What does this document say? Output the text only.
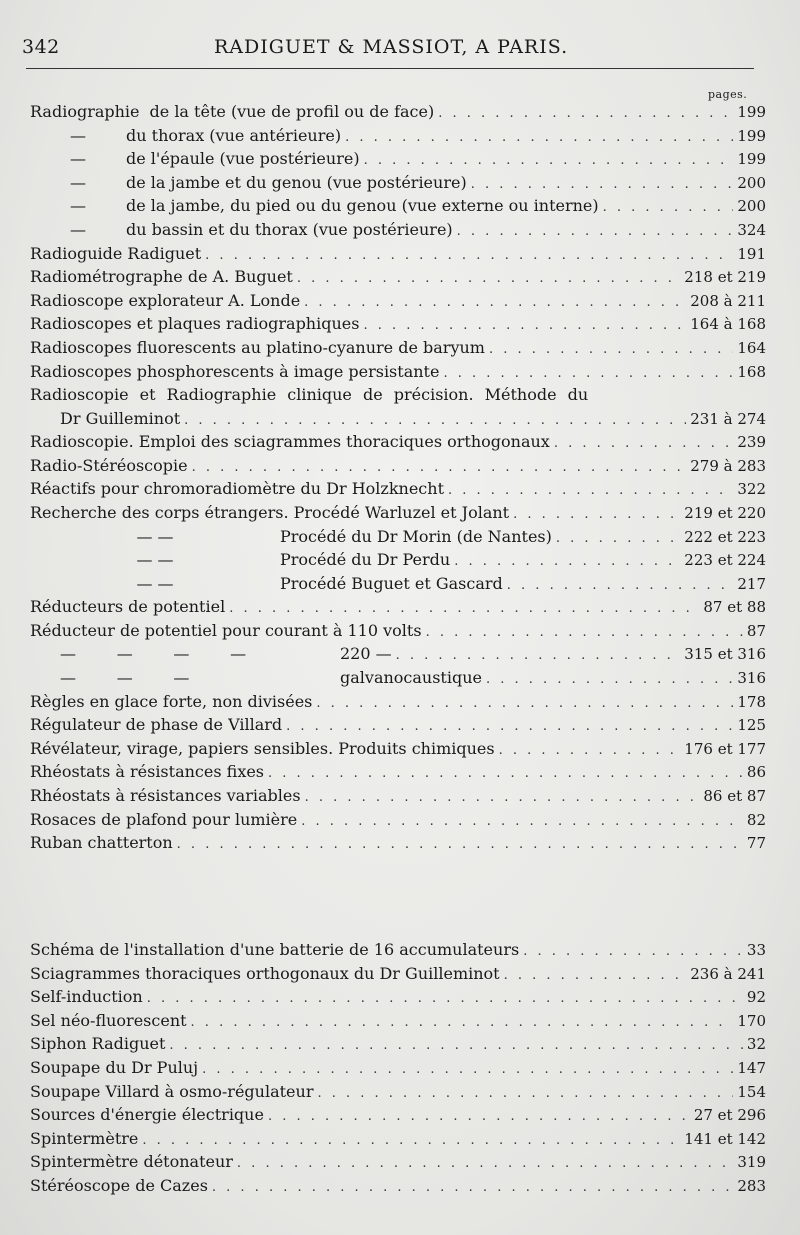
342	RADIGUET & MASSIOT, A PARIS.
pages.
Radiographie de la tête (vue de profil ou de face) . . .	199
—	du thorax (vue antérieure) . . .	199
—	de l'épaule (vue postérieure) . . .	199
—	de la jambe et du genou (vue postérieure) . . .	200
—	de la jambe, du pied ou du genou (vue externe ou interne) . . .	200
—	du bassin et du thorax (vue postérieure) . . .	324
Radioguide Radiguet . . .	191
Radiométrographe de A. Buguet . . .	218 et 219
Radioscope explorateur A. Londe . . .	208 à 211
Radioscopes et plaques radiographiques . . .	164 à 168
Radioscopes fluorescents au platino-cyanure de baryum . . .	164
Radioscopes phosphorescents à image persistante . . .	168
Radioscopie et Radiographie clinique de précision. Méthode du
Dr Guilleminot . . .	231 à 274
Radioscopie. Emploi des sciagrammes thoraciques orthogonaux . . .	239
Radio-Stéréoscopie . . .	279 à 283
Réactifs pour chromoradiomètre du Dr Holzknecht . . .	322
Recherche des corps étrangers. Procédé Warluzel et Jolant . . .	219 et 220
— —	Procédé du Dr Morin (de Nantes) . . .	222 et 223
— —	Procédé du Dr Perdu . . .	223 et 224
— —	Procédé Buguet et Gascard . . .	217
Réducteurs de potentiel . . .	87 et 88
Réducteur de potentiel pour courant à 110 volts . . .	87
—        —        —        —	220 — . . .	315 et 316
—        —        —	galvanocaustique . . .	316
Règles en glace forte, non divisées . . .	178
Régulateur de phase de Villard . . .	125
Révélateur, virage, papiers sensibles. Produits chimiques . . .	176 et 177
Rhéostats à résistances fixes . . .	86
Rhéostats à résistances variables . . .	86 et 87
Rosaces de plafond pour lumière . . .	82
Ruban chatterton . . .	77
Schéma de l'installation d'une batterie de 16 accumulateurs . . .	33
Sciagrammes thoraciques orthogonaux du Dr Guilleminot . . .	236 à 241
Self-induction . . .	92
Sel néo-fluorescent . . .	170
Siphon Radiguet . . .	32
Soupape du Dr Puluj . . .	147
Soupape Villard à osmo-régulateur . . .	154
Sources d'énergie électrique . . .	27 et 296
Spintermètre . . .	141 et 142
Spintermètre détonateur . . .	319
Stéréoscope de Cazes . . .	283
